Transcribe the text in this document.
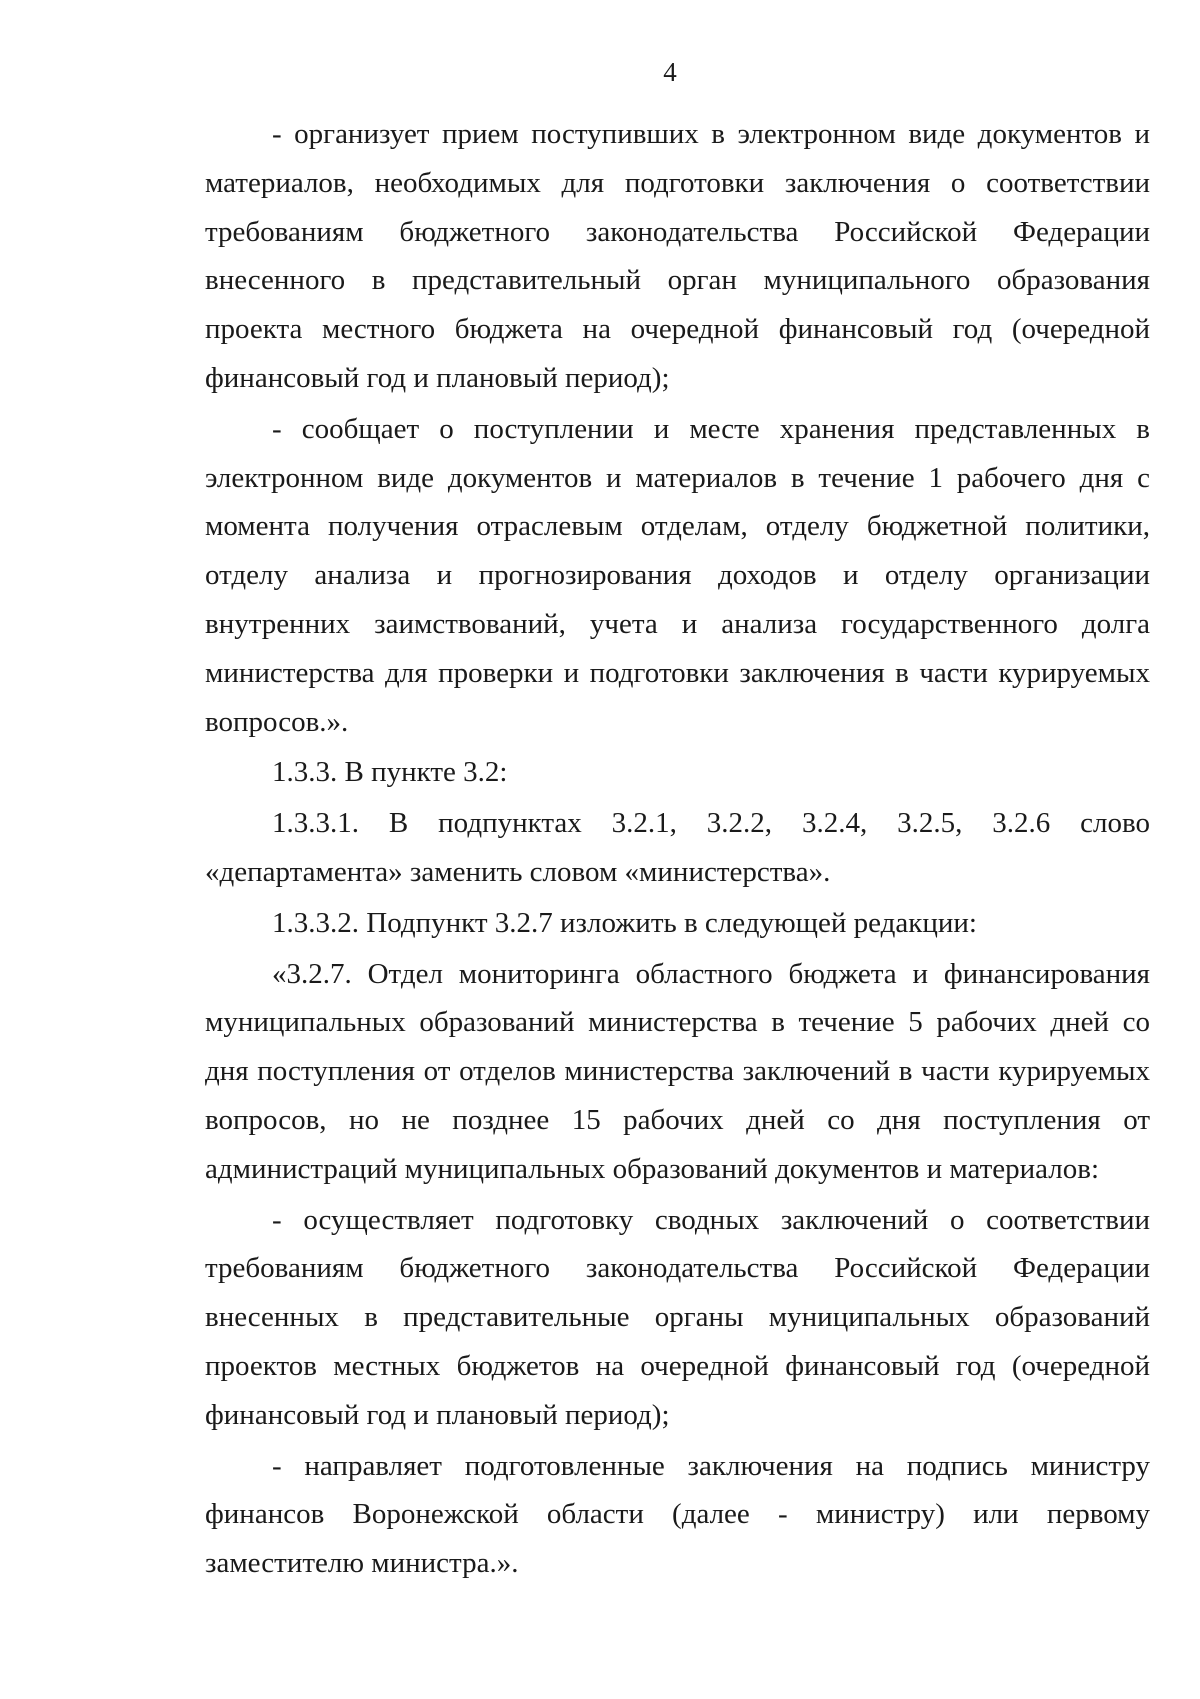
4

- организует прием поступивших в электронном виде документов и материалов, необходимых для подготовки заключения о соответствии требованиям бюджетного законодательства Российской Федерации внесенного в представительный орган муниципального образования проекта местного бюджета на очередной финансовый год (очередной финансовый год и плановый период);

- сообщает о поступлении и месте хранения представленных в электронном виде документов и материалов в течение 1 рабочего дня с момента получения отраслевым отделам, отделу бюджетной политики, отделу анализа и прогнозирования доходов и отделу организации внутренних заимствований, учета и анализа государственного долга министерства для проверки и подготовки заключения в части курируемых вопросов.».

1.3.3. В пункте 3.2:

1.3.3.1. В подпунктах 3.2.1, 3.2.2, 3.2.4, 3.2.5, 3.2.6 слово «департамента» заменить словом «министерства».

1.3.3.2. Подпункт 3.2.7 изложить в следующей редакции:

«3.2.7. Отдел мониторинга областного бюджета и финансирования муниципальных образований министерства в течение 5 рабочих дней со дня поступления от отделов министерства заключений в части курируемых вопросов, но не позднее 15 рабочих дней со дня поступления от администраций муниципальных образований документов и материалов:

- осуществляет подготовку сводных заключений о соответствии требованиям бюджетного законодательства Российской Федерации внесенных в представительные органы муниципальных образований проектов местных бюджетов на очередной финансовый год (очередной финансовый год и плановый период);

- направляет подготовленные заключения на подпись министру финансов Воронежской области (далее - министру) или первому заместителю министра.».
